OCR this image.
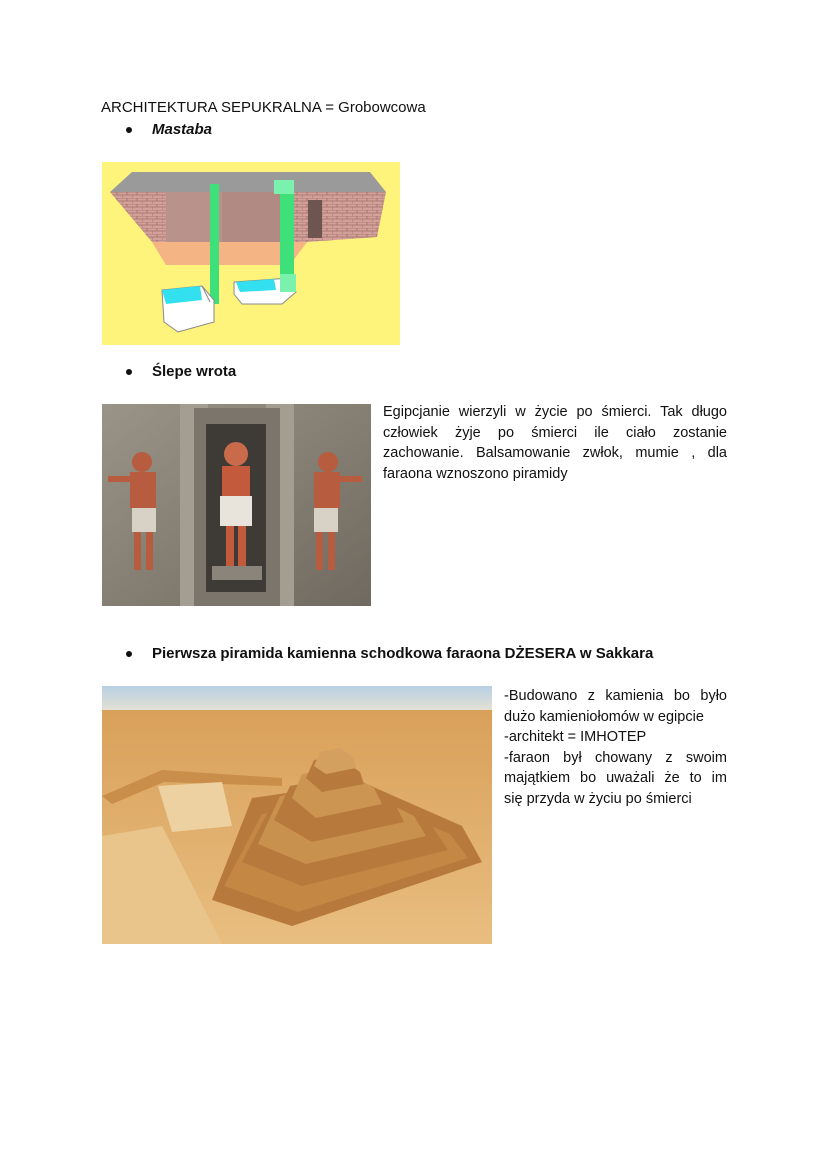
ARCHITEKTURA SEPUKRALNA = Grobowcowa
Mastaba
Ślepe wrota
Egipcjanie wierzyli w życie po śmierci. Tak długo
człowiek żyje po śmierci ile ciało zostanie
zachowanie. Balsamowanie zwłok, mumie , dla
faraona wznoszono piramidy
Pierwsza piramida kamienna schodkowa faraona DŻESERA w Sakkara
-Budowano z kamienia bo było
dużo kamieniołomów w egipcie
-architekt = IMHOTEP
-faraon był chowany z swoim
majątkiem bo uważali że to im
się przyda w życiu po śmierci
